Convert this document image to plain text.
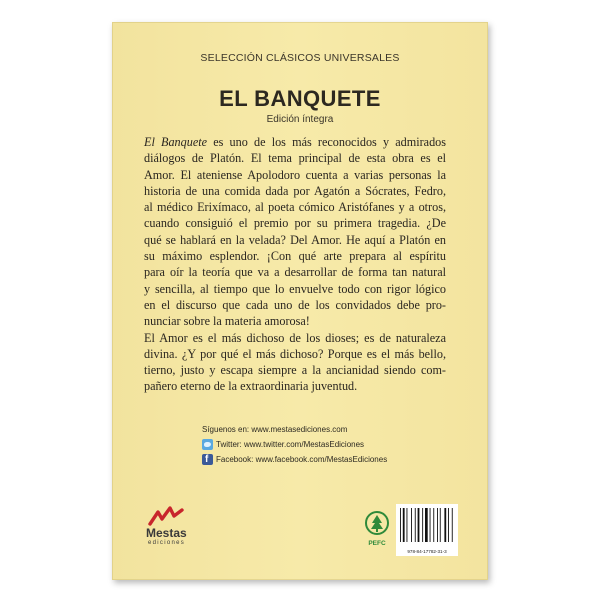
SELECCIÓN CLÁSICOS UNIVERSALES
EL BANQUETE
Edición íntegra

El Banquete es uno de los más reconocidos y admirados
diálogos de Platón. El tema principal de esta obra es el
Amor. El ateniense Apolodoro cuenta a varias personas la
historia de una comida dada por Agatón a Sócrates, Fedro,
al médico Erixímaco, al poeta cómico Aristófanes y a otros,
cuando consiguió el premio por su primera tragedia. ¿De
qué se hablará en la velada? Del Amor. He aquí a Platón en
su máximo esplendor. ¡Con qué arte prepara al espíritu
para oír la teoría que va a desarrollar de forma tan natural
y sencilla, al tiempo que lo envuelve todo con rigor lógico
en el discurso que cada uno de los convidados debe pro-
nunciar sobre la materia amorosa!

El Amor es el más dichoso de los dioses; es de naturaleza
divina. ¿Y por qué el más dichoso? Porque es el más bello,
tierno, justo y escapa siempre a la ancianidad siendo com-
pañero eterno de la extraordinaria juventud.

Síguenos en: www.mestasediciones.com
Twitter: www.twitter.com/MestasEdiciones
f Facebook: www.facebook.com/MestasEdiciones
Mestas
ediciones	PEFC
978-84-17782-31-3
